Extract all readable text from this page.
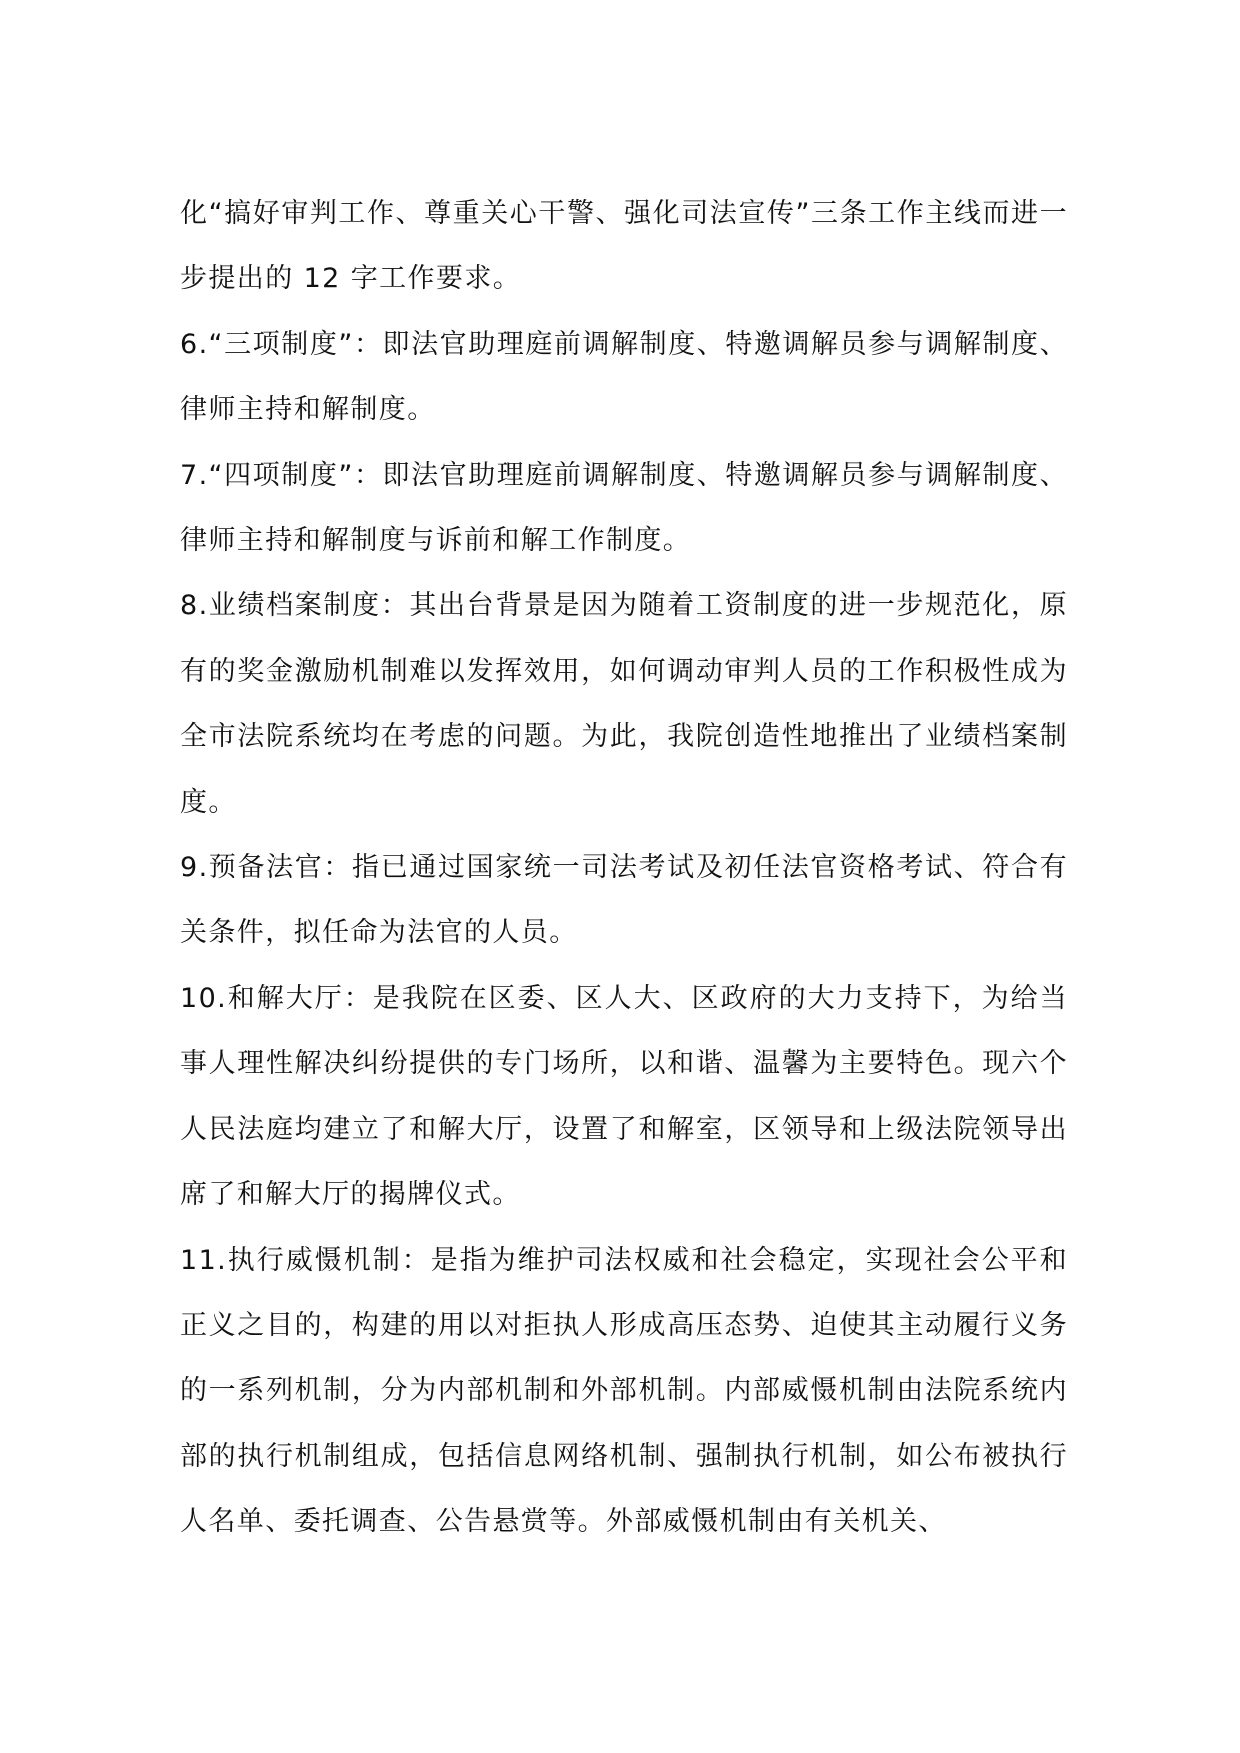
化“搞好审判工作、尊重关心干警、强化司法宣传”三条工作主线而进一步提出的 12 字工作要求。

6.“三项制度”：即法官助理庭前调解制度、特邀调解员参与调解制度、律师主持和解制度。

7.“四项制度”：即法官助理庭前调解制度、特邀调解员参与调解制度、律师主持和解制度与诉前和解工作制度。

8.业绩档案制度：其出台背景是因为随着工资制度的进一步规范化，原有的奖金激励机制难以发挥效用，如何调动审判人员的工作积极性成为全市法院系统均在考虑的问题。为此，我院创造性地推出了业绩档案制度。

9.预备法官：指已通过国家统一司法考试及初任法官资格考试、符合有关条件，拟任命为法官的人员。

10.和解大厅：是我院在区委、区人大、区政府的大力支持下，为给当事人理性解决纠纷提供的专门场所，以和谐、温馨为主要特色。现六个人民法庭均建立了和解大厅，设置了和解室，区领导和上级法院领导出席了和解大厅的揭牌仪式。

11.执行威慑机制：是指为维护司法权威和社会稳定，实现社会公平和正义之目的，构建的用以对拒执人形成高压态势、迫使其主动履行义务的一系列机制，分为内部机制和外部机制。内部威慑机制由法院系统内部的执行机制组成，包括信息网络机制、强制执行机制，如公布被执行人名单、委托调查、公告悬赏等。外部威慑机制由有关机关、
